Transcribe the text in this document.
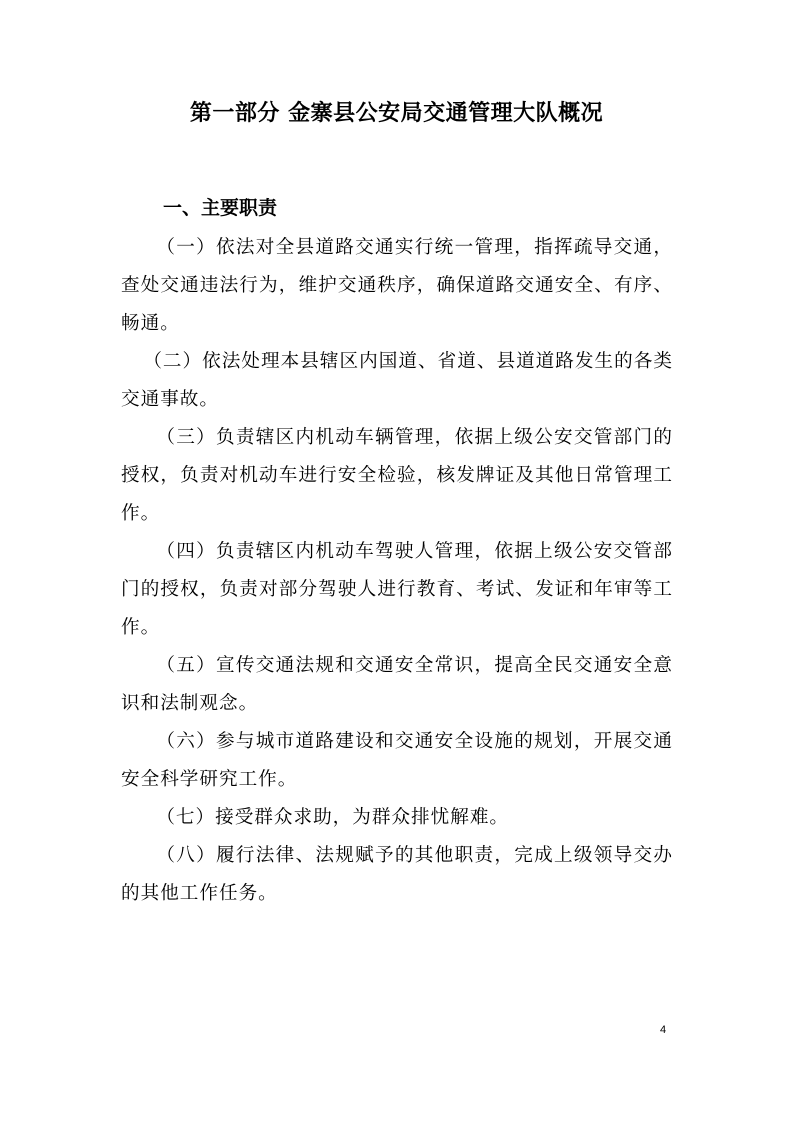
第一部分 金寨县公安局交通管理大队概况
一、主要职责

（一）依法对全县道路交通实行统一管理，指挥疏导交通，查处交通违法行为，维护交通秩序，确保道路交通安全、有序、畅通。

（二）依法处理本县辖区内国道、省道、县道道路发生的各类交通事故。

（三）负责辖区内机动车辆管理，依据上级公安交管部门的授权，负责对机动车进行安全检验，核发牌证及其他日常管理工作。

（四）负责辖区内机动车驾驶人管理，依据上级公安交管部门的授权，负责对部分驾驶人进行教育、考试、发证和年审等工作。

（五）宣传交通法规和交通安全常识，提高全民交通安全意识和法制观念。

（六）参与城市道路建设和交通安全设施的规划，开展交通安全科学研究工作。

（七）接受群众求助，为群众排忧解难。

（八）履行法律、法规赋予的其他职责，完成上级领导交办的其他工作任务。

4
